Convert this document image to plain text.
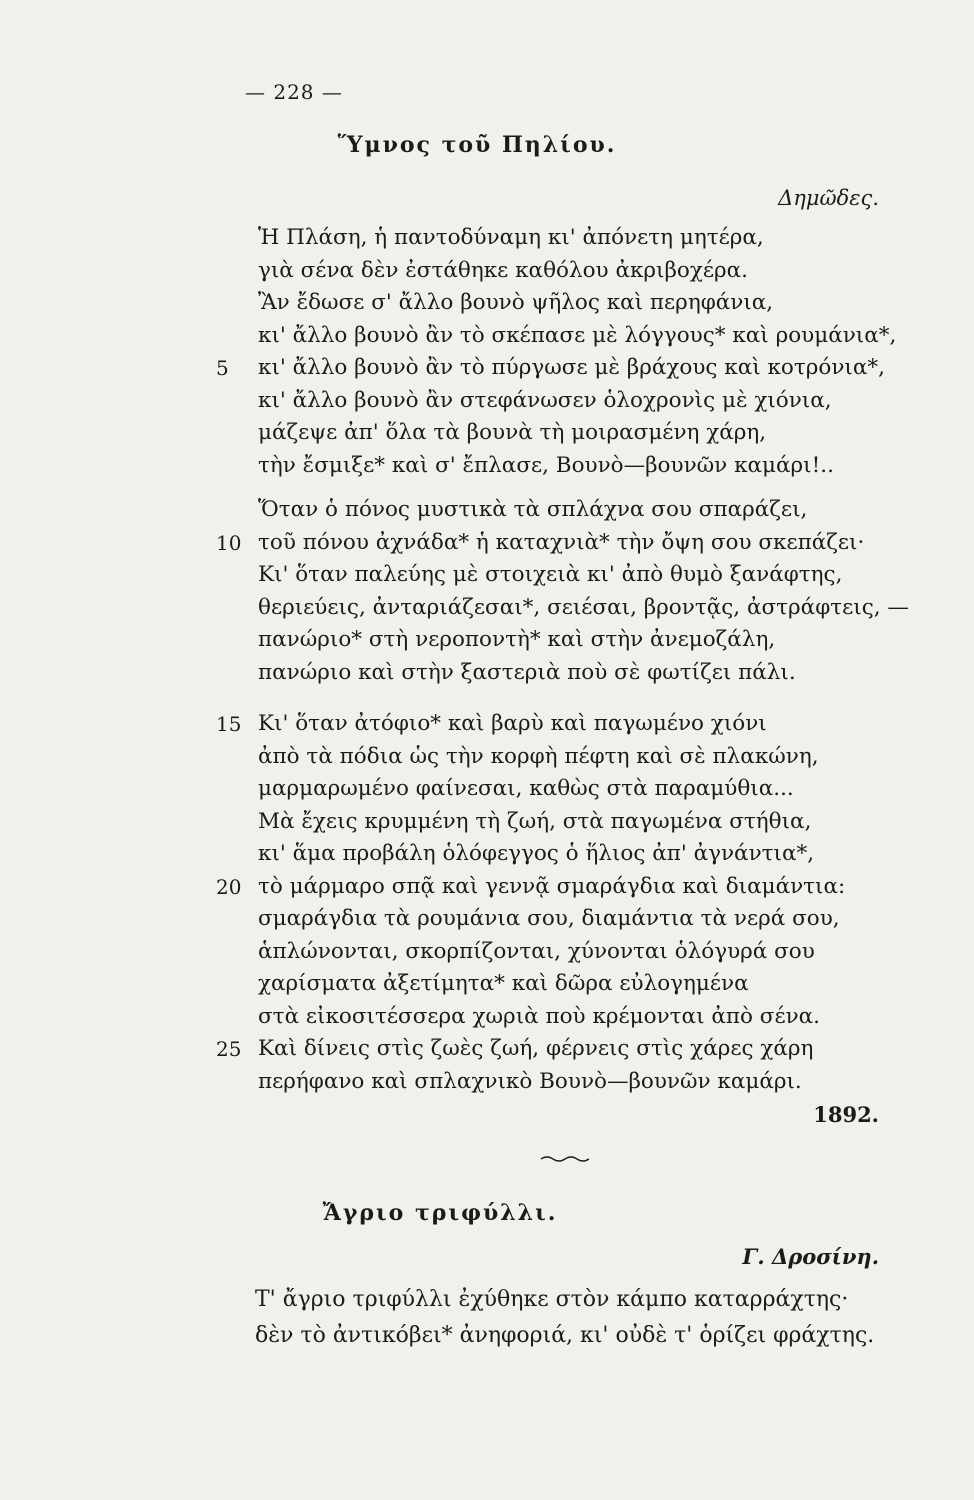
— 228 —
Ὕμνος τοῦ Πηλίου.
Δημῶδες.
Ἡ Πλάση, ἡ παντοδύναμη κι' ἀπόνετη μητέρα,
γιὰ σένα δὲν ἐστάθηκε καθόλου ἀκριβοχέρα.
Ἂν ἔδωσε σ' ἄλλο βουνὸ ψῆλος καὶ περηφάνια,
κι' ἄλλο βουνὸ ἂν τὸ σκέπασε μὲ λόγγους* καὶ ρουμάνια*,
5 κι' ἄλλο βουνὸ ἂν τὸ πύργωσε μὲ βράχους καὶ κοτρόνια*,
κι' ἄλλο βουνὸ ἂν στεφάνωσεν ὁλοχρονὶς μὲ χιόνια,
μάζεψε ἀπ' ὅλα τὰ βουνὰ τὴ μοιρασμένη χάρη,
τὴν ἔσμιξε* καὶ σ' ἔπλασε, Βουνὸ—βουνῶν καμάρι!..
Ὅταν ὁ πόνος μυστικὰ τὰ σπλάχνα σου σπαράζει,
10 τοῦ πόνου ἀχνάδα* ἡ καταχνιὰ* τὴν ὄψη σου σκεπάζει·
Κι' ὅταν παλεύης μὲ στοιχειὰ κι' ἀπὸ θυμὸ ξανάφτης,
θεριεύεις, ἀνταριάζεσαι*, σειέσαι, βροντᾷς, ἀστράφτεις, —
πανώριο* στὴ νεροποντὴ* καὶ στὴν ἀνεμοζάλη,
πανώριο καὶ στὴν ξαστεριὰ ποὺ σὲ φωτίζει πάλι.
15 Κι' ὅταν ἀτόφιο* καὶ βαρὺ καὶ παγωμένο χιόνι
ἀπὸ τὰ πόδια ὡς τὴν κορφὴ πέφτη καὶ σὲ πλακώνη,
μαρμαρωμένο φαίνεσαι, καθὼς στὰ παραμύθια...
Μὰ ἔχεις κρυμμένη τὴ ζωή, στὰ παγωμένα στήθια,
κι' ἅμα προβάλη ὁλόφεγγος ὁ ἥλιος ἀπ' ἀγνάντια*,
20 τὸ μάρμαρο σπᾷ καὶ γεννᾷ σμαράγδια καὶ διαμάντια:
σμαράγδια τὰ ρουμάνια σου, διαμάντια τὰ νερά σου,
ἁπλώνονται, σκορπίζονται, χύνονται ὁλόγυρά σου
χαρίσματα ἀξετίμητα* καὶ δῶρα εὐλογημένα
στὰ εἰκοσιτέσσερα χωριὰ ποὺ κρέμονται ἀπὸ σένα.
25 Καὶ δίνεις στὶς ζωὲς ζωή, φέρνεις στὶς χάρες χάρη
περήφανο καὶ σπλαχνικὸ Βουνὸ—βουνῶν καμάρι.
1892.
Ἄγριο τριφύλλι.
Γ. Δροσίνη.
Τ' ἄγριο τριφύλλι ἐχύθηκε στὸν κάμπο καταρράχτης·
δὲν τὸ ἀντικόβει* ἀνηφοριά, κι' οὐδὲ τ' ὁρίζει φράχτης.
